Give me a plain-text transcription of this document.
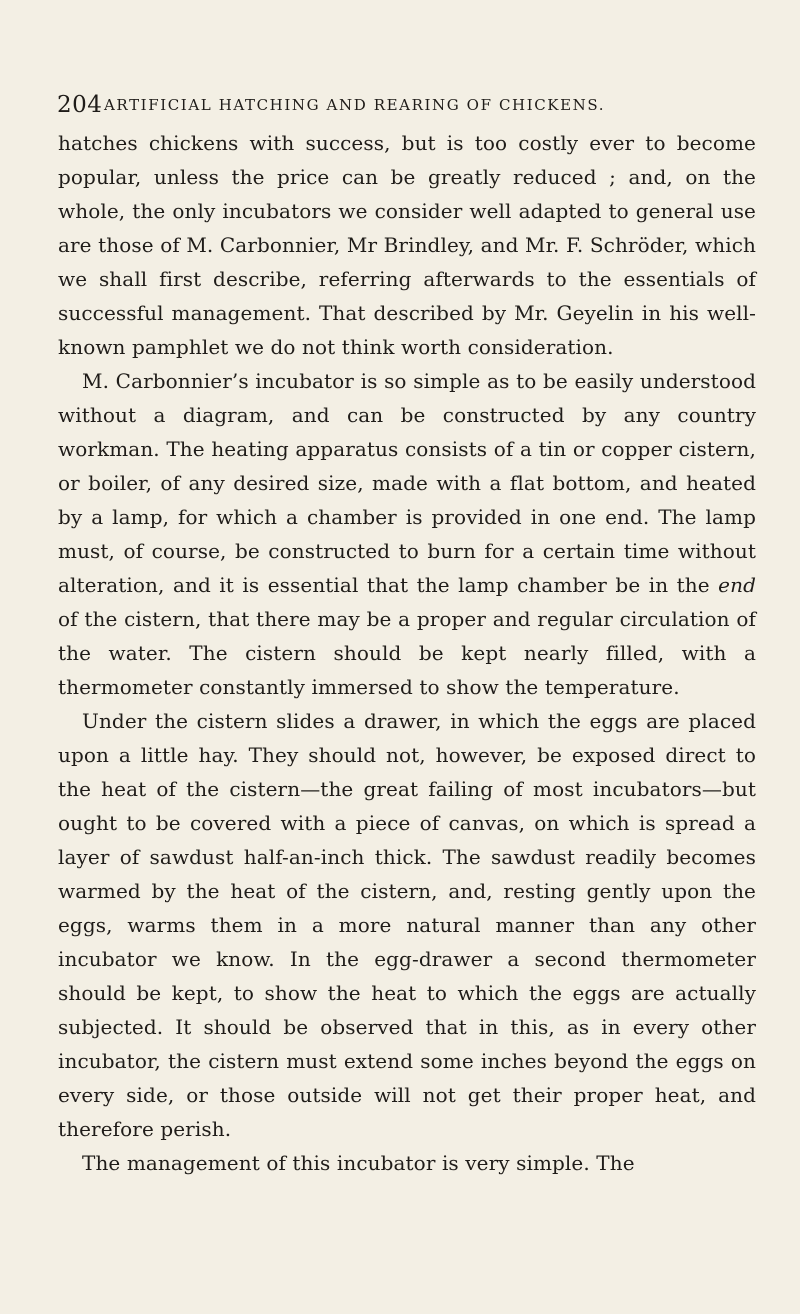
204 ARTIFICIAL HATCHING AND REARING OF CHICKENS.

hatches chickens with success, but is too costly ever to become popular, unless the price can be greatly reduced ; and, on the whole, the only incubators we consider well adapted to general use are those of M. Carbonnier, Mr Brindley, and Mr. F. Schröder, which we shall first describe, referring afterwards to the essentials of successful management. That described by Mr. Geyelin in his well-known pamphlet we do not think worth consideration.

M. Carbonnier’s incubator is so simple as to be easily understood without a diagram, and can be constructed by any country workman. The heating apparatus consists of a tin or copper cistern, or boiler, of any desired size, made with a flat bottom, and heated by a lamp, for which a chamber is provided in one end. The lamp must, of course, be constructed to burn for a certain time without alteration, and it is essential that the lamp chamber be in the end of the cistern, that there may be a proper and regular circulation of the water. The cistern should be kept nearly filled, with a thermometer constantly immersed to show the temperature.

Under the cistern slides a drawer, in which the eggs are placed upon a little hay. They should not, however, be exposed direct to the heat of the cistern—the great failing of most incubators—but ought to be covered with a piece of canvas, on which is spread a layer of sawdust half-an-inch thick. The sawdust readily becomes warmed by the heat of the cistern, and, resting gently upon the eggs, warms them in a more natural manner than any other incubator we know. In the egg-drawer a second thermometer should be kept, to show the heat to which the eggs are actually subjected. It should be observed that in this, as in every other incubator, the cistern must extend some inches beyond the eggs on every side, or those outside will not get their proper heat, and therefore perish.

The management of this incubator is very simple. The
